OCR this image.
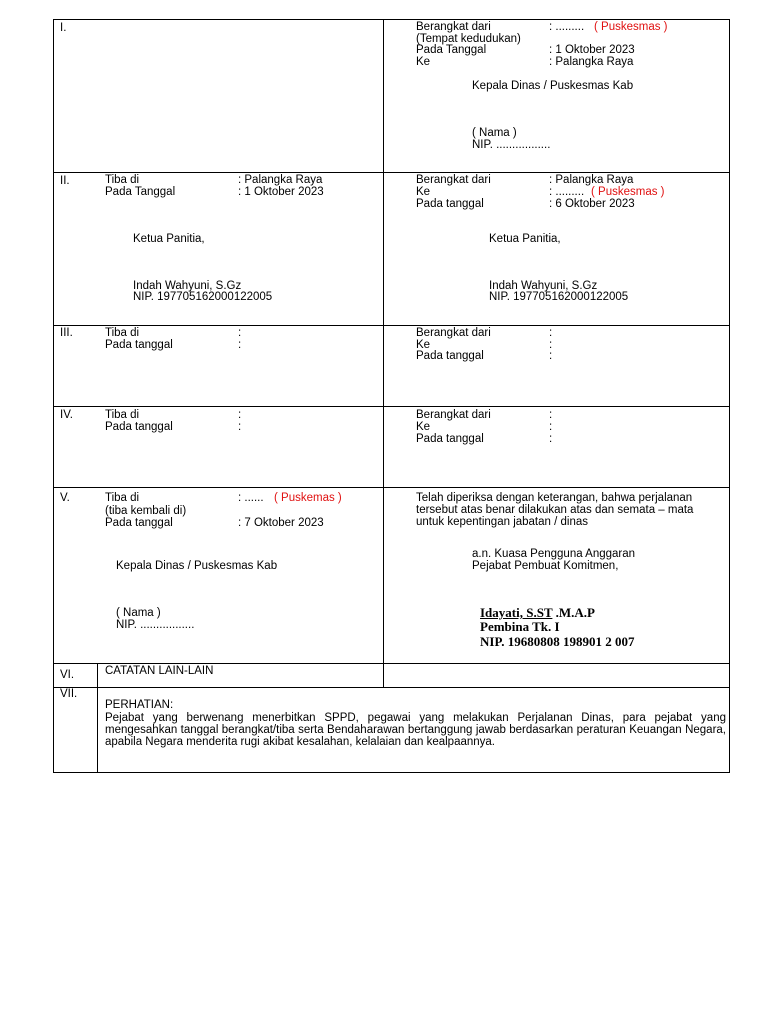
I.	Berangkat dari	: ......... ( Puskesmas )
(Tempat kedudukan)
Pada Tanggal	: 1 Oktober 2023
Ke	: Palangka Raya
Kepala Dinas / Puskesmas Kab
( Nama )
NIP. .................
II.	Tiba di	: Palangka Raya
Pada Tanggal	: 1 Oktober 2023
Ketua Panitia,
Indah Wahyuni, S.Gz
NIP. 197705162000122005
Berangkat dari	: Palangka Raya
Ke	: ......... ( Puskesmas )
Pada tanggal	: 6 Oktober 2023
Ketua Panitia,
Indah Wahyuni, S.Gz
NIP. 197705162000122005
III.	Tiba di	:
Pada tanggal	:
Berangkat dari	:
Ke	:
Pada tanggal	:
IV.	Tiba di	:
Pada tanggal	:
Berangkat dari	:
Ke	:
Pada tanggal	:
V.	Tiba di	: ...... ( Puskemas )
(tiba kembali di)
Pada tanggal	: 7 Oktober 2023
Kepala Dinas / Puskesmas Kab
( Nama )
NIP. .................
Telah diperiksa dengan keterangan, bahwa perjalanan
tersebut atas benar dilakukan atas dan semata – mata
untuk kepentingan jabatan / dinas
a.n. Kuasa Pengguna Anggaran
Pejabat Pembuat Komitmen,
Idayati, S.ST .M.A.P
Pembina Tk. I
NIP. 19680808 198901 2 007
VI.	CATATAN LAIN-LAIN
VII.
PERHATIAN:
Pejabat yang berwenang menerbitkan SPPD, pegawai yang melakukan Perjalanan Dinas, para pejabat yang mengesahkan tanggal berangkat/tiba serta Bendaharawan bertanggung jawab berdasarkan peraturan Keuangan Negara, apabila Negara menderita rugi akibat kesalahan, kelalaian dan kealpaannya.
